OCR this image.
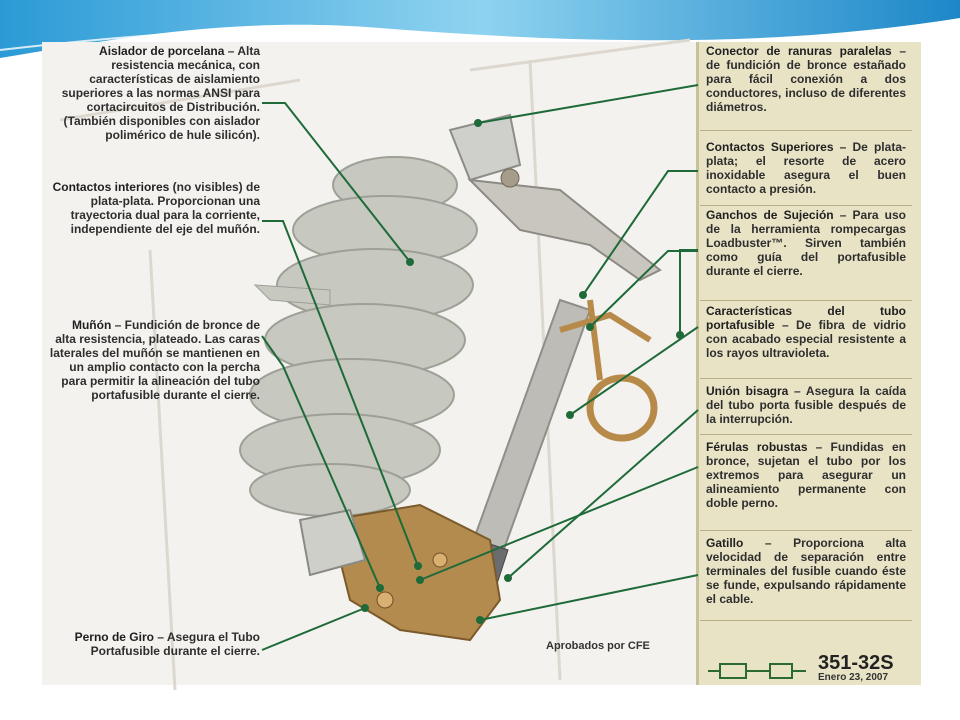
Aislador de porcelana – Alta resistencia mecánica, con características de aislamiento superiores a las normas ANSI para cortacircuitos de Distribución. (También disponibles con aislador polimérico de hule silicón).
Contactos interiores (no visibles) de plata-plata. Proporcionan una trayectoria dual para la corriente, independiente del eje del muñón.
Muñón – Fundición de bronce de alta resistencia, plateado. Las caras laterales del muñón se mantienen en un amplio contacto con la percha para permitir la alineación del tubo portafusible durante el cierre.
Perno de Giro – Asegura el Tubo Portafusible durante el cierre.
Conector de ranuras paralelas – de fundición de bronce estañado para fácil conexión a dos conductores, incluso de diferentes diámetros.
Contactos Superiores – De plata-plata; el resorte de acero inoxidable asegura el buen contacto a presión.
Ganchos de Sujeción – Para uso de la herramienta rompecargas Loadbuster™. Sirven también como guía del portafusible durante el cierre.
Características del tubo portafusible – De fibra de vidrio con acabado especial resistente a los rayos ultravioleta.
Unión bisagra – Asegura la caída del tubo porta fusible después de la interrupción.
Férulas robustas – Fundidas en bronce, sujetan el tubo por los extremos para asegurar un alineamiento permanente con doble perno.
Gatillo – Proporciona alta velocidad de separación entre terminales del fusible cuando éste se funde, expulsando rápidamente el cable.
Aprobados por CFE
351-32S
Enero 23, 2007
